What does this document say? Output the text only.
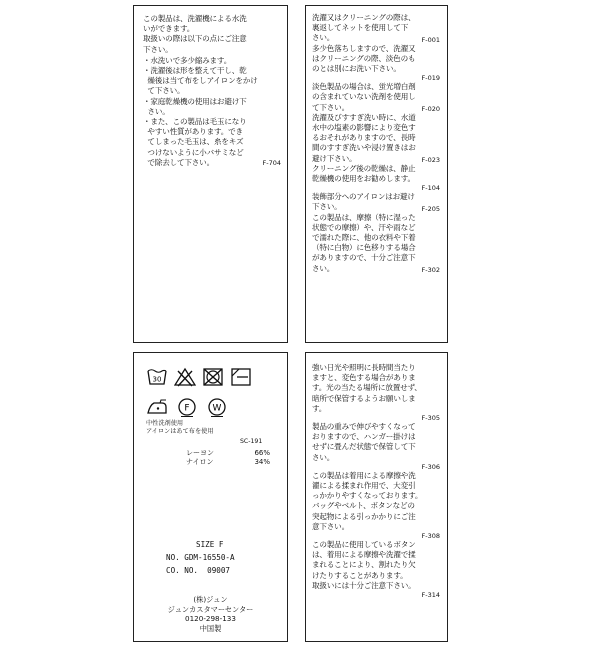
この製品は、洗濯機による水洗
いができます。
取扱いの際は以下の点にご注意
下さい。
・水洗いで多少縮みます。
・洗濯後は形を整えて干し、乾
燥後は当て布をしアイロンをかけ
て下さい。
・家庭乾燥機の使用はお避け下
さい。
・また、この製品は毛玉になり
やすい性質があります。でき
てしまった毛玉は、糸をキズ
つけないように小バサミなど
で除去して下さい。	F-704
洗濯又はクリーニングの際は、
裏返してネットを使用して下
さい。	F-001
多少色落ちしますので、洗濯又
はクリーニングの際、淡色のも
のとは別にお洗い下さい。
F-019
淡色製品の場合は、蛍光増白剤
の含まれていない洗剤を使用し
て下さい。	F-020
洗濯及びすすぎ洗い時に、水道
水中の塩素の影響により変色す
るおそれがありますので、長時
間のすすぎ洗いや浸け置きはお
避け下さい。	F-023
クリーニング後の乾燥は、静止
乾燥機の使用をお勧めします。
F-104
装飾部分へのアイロンはお避け
下さい。	F-205
この製品は、摩擦（特に湿った
状態での摩擦）や、汗や雨など
で濡れた際に、他の衣料や下着
（特に白物）に色移りする場合
がありますので、十分ご注意下
さい。	F-302
30
F	W
中性洗剤使用
アイロンはあて布を使用
SC-191
レーヨン	66%
ナイロン	34%
SIZE F
NO. GDM-16550-A
CO. NO.  09007
(株)ジュン
ジュンカスタマーセンター
0120-298-133
中国製
強い日光や照明に長時間当たり
ますと、変色する場合がありま
す。光の当たる場所に放置せず、
暗所で保管するようお願いしま
す。
F-305
製品の重みで伸びやすくなって
おりますので、ハンガー掛けは
せずに畳んだ状態で保管して下
さい。
F-306
この製品は着用による摩擦や洗
濯による揉まれ作用で、大変引
っかかりやすくなっております。
バッグやベルト、ボタンなどの
突起物による引っかかりにご注
意下さい。
F-308
この製品に使用しているボタン
は、着用による摩擦や洗濯で揉
まれることにより、割れたり欠
けたりすることがあります。
取扱いには十分ご注意下さい。
F-314
